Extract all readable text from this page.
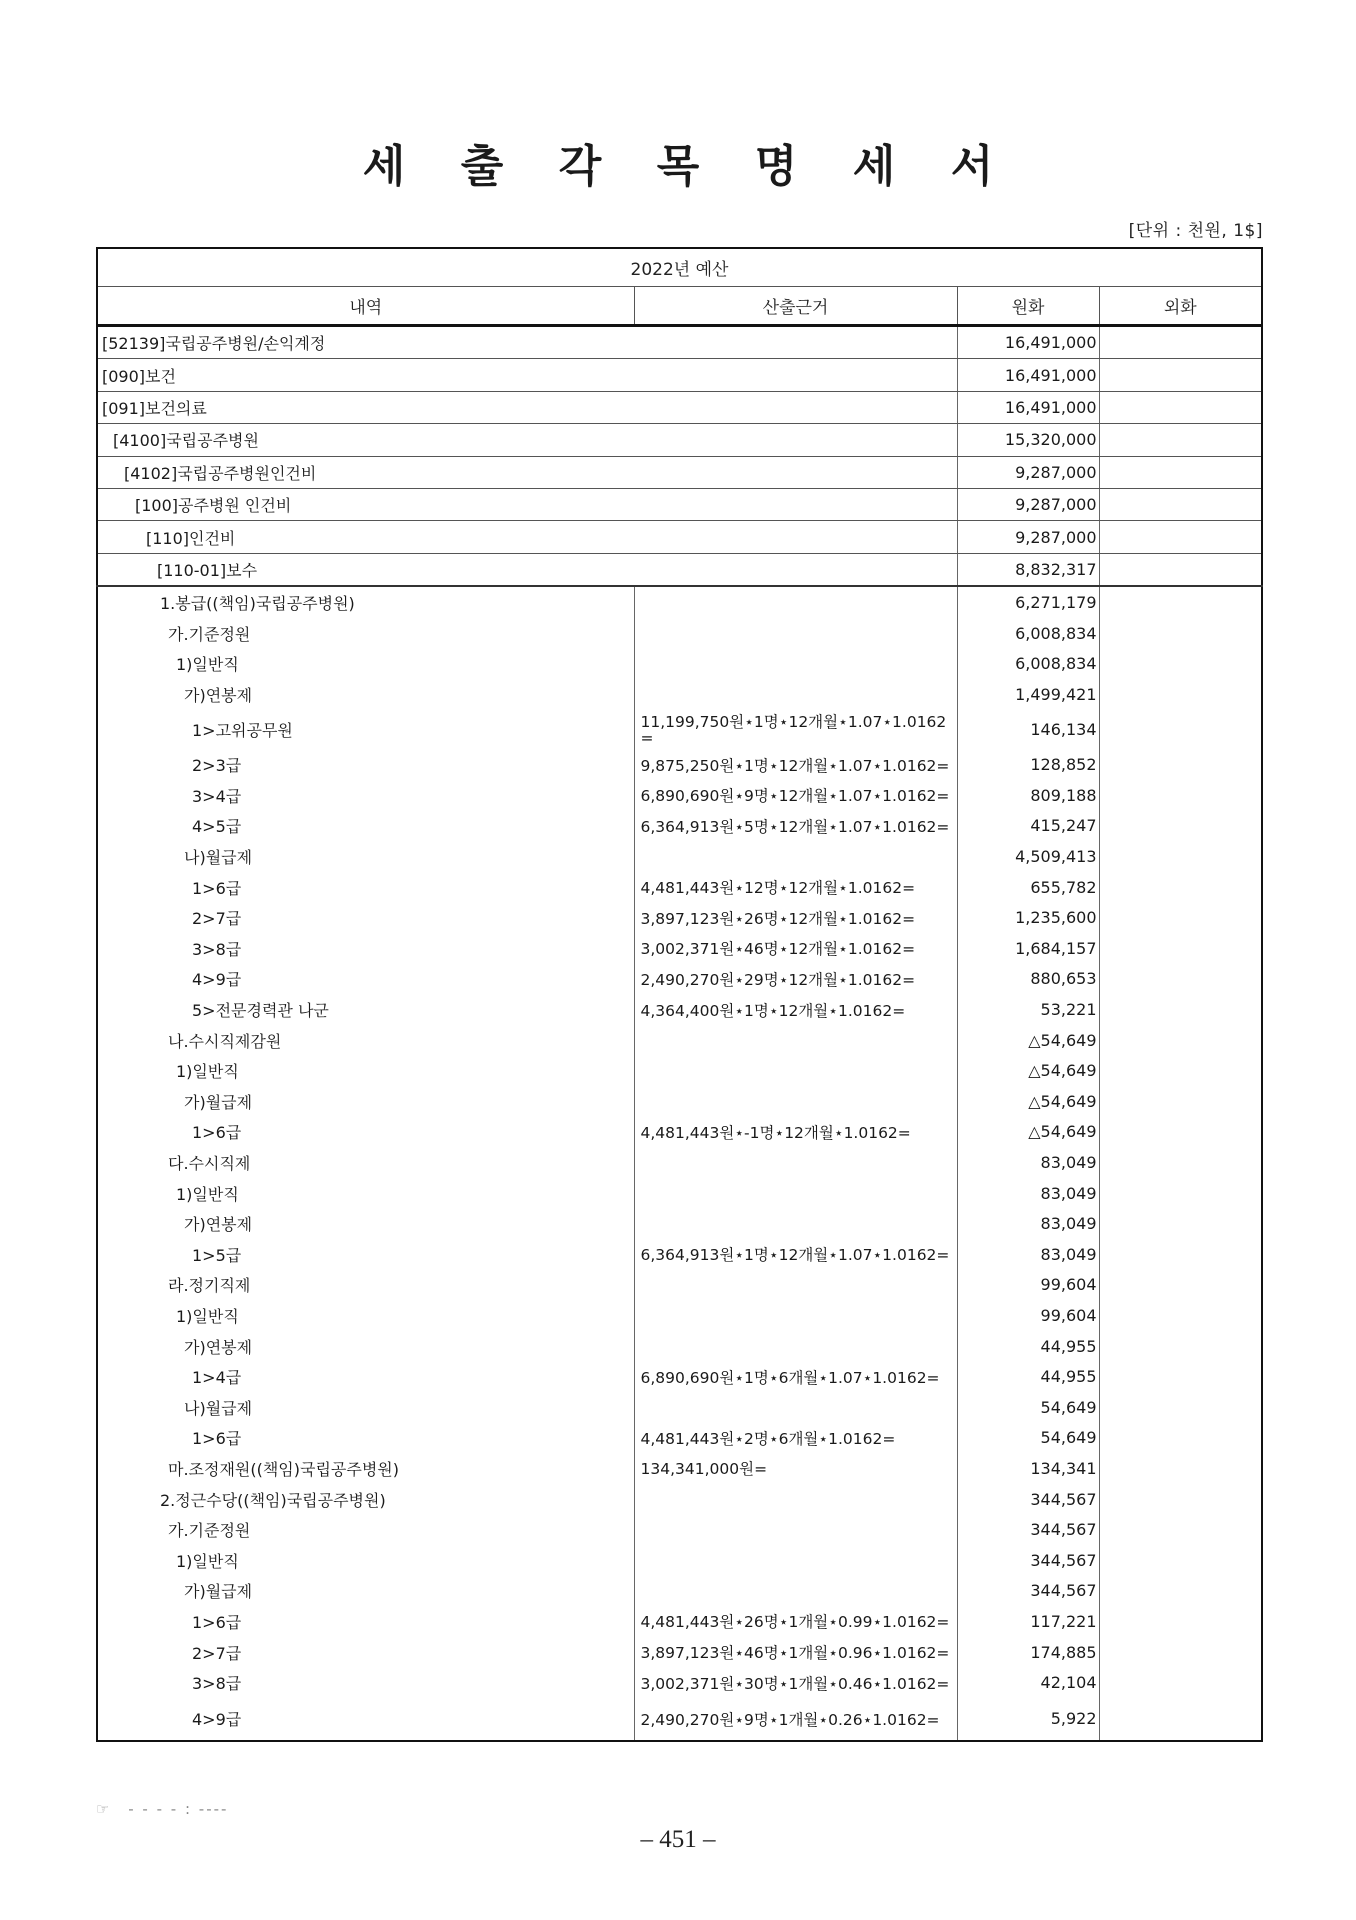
세 출 각 목 명 세 서
[단위 : 천원, 1$]
2022년 예산			
내역	산출근거	원화	외화
[52139]국립공주병원/손익계정		16,491,000	
[090]보건		16,491,000	
[091]보건의료		16,491,000	
[4100]국립공주병원		15,320,000	
[4102]국립공주병원인건비		9,287,000	
[100]공주병원 인건비		9,287,000	
[110]인건비		9,287,000	
[110-01]보수		8,832,317	
1.봉급((책임)국립공주병원)		6,271,179	
가.기준정원		6,008,834	
1)일반직		6,008,834	
가)연봉제		1,499,421	
1>고위공무원	11,199,750원⋆1명⋆12개월⋆1.07⋆1.0162 =	146,134	
2>3급	9,875,250원⋆1명⋆12개월⋆1.07⋆1.0162=	128,852	
3>4급	6,890,690원⋆9명⋆12개월⋆1.07⋆1.0162=	809,188	
4>5급	6,364,913원⋆5명⋆12개월⋆1.07⋆1.0162=	415,247	
나)월급제		4,509,413	
1>6급	4,481,443원⋆12명⋆12개월⋆1.0162=	655,782	
2>7급	3,897,123원⋆26명⋆12개월⋆1.0162=	1,235,600	
3>8급	3,002,371원⋆46명⋆12개월⋆1.0162=	1,684,157	
4>9급	2,490,270원⋆29명⋆12개월⋆1.0162=	880,653	
5>전문경력관 나군	4,364,400원⋆1명⋆12개월⋆1.0162=	53,221	
나.수시직제감원		△54,649	
1)일반직		△54,649	
가)월급제		△54,649	
1>6급	4,481,443원⋆-1명⋆12개월⋆1.0162=	△54,649	
다.수시직제		83,049	
1)일반직		83,049	
가)연봉제		83,049	
1>5급	6,364,913원⋆1명⋆12개월⋆1.07⋆1.0162=	83,049	
라.정기직제		99,604	
1)일반직		99,604	
가)연봉제		44,955	
1>4급	6,890,690원⋆1명⋆6개월⋆1.07⋆1.0162=	44,955	
나)월급제		54,649	
1>6급	4,481,443원⋆2명⋆6개월⋆1.0162=	54,649	
마.조정재원((책임)국립공주병원)	134,341,000원=	134,341	
2.정근수당((책임)국립공주병원)		344,567	
가.기준정원		344,567	
1)일반직		344,567	
가)월급제		344,567	
1>6급	4,481,443원⋆26명⋆1개월⋆0.99⋆1.0162=	117,221	
2>7급	3,897,123원⋆46명⋆1개월⋆0.96⋆1.0162=	174,885	
3>8급	3,002,371원⋆30명⋆1개월⋆0.46⋆1.0162=	42,104	
4>9급	2,490,270원⋆9명⋆1개월⋆0.26⋆1.0162=	5,922	
☞ - - - - : ----
– 451 –
